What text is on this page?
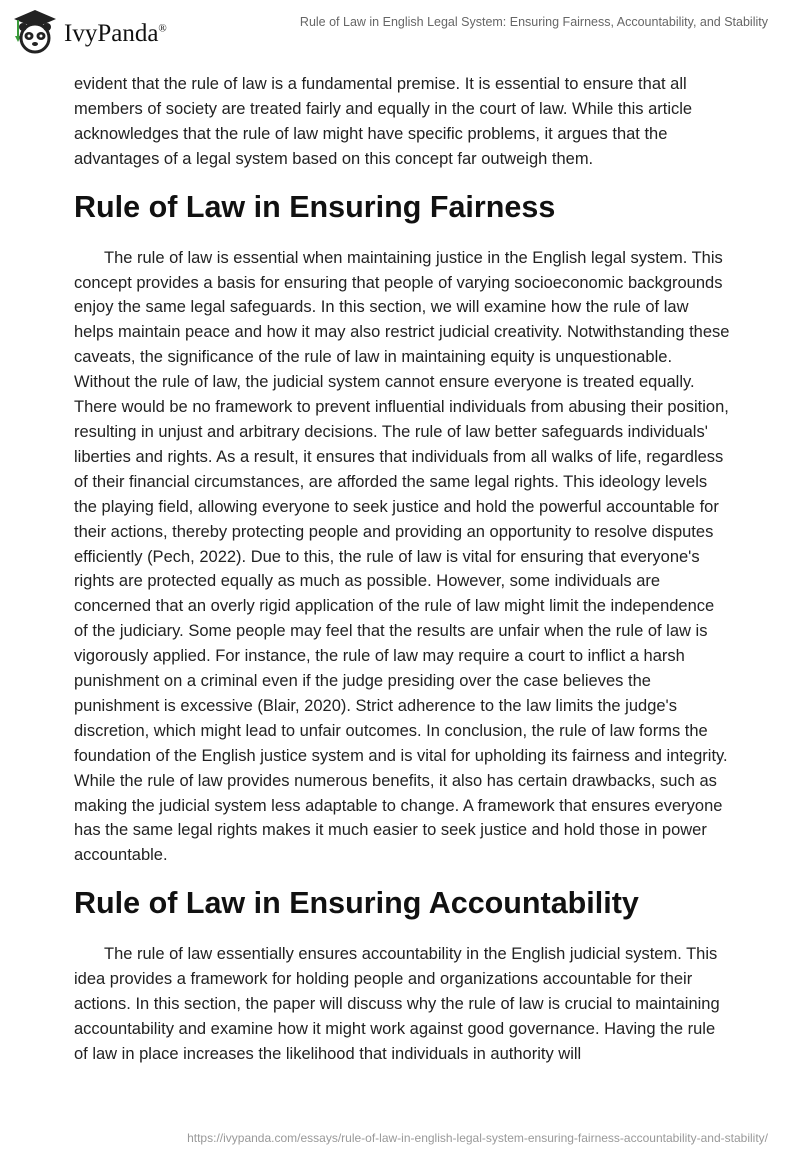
IvyPanda®	Rule of Law in English Legal System: Ensuring Fairness, Accountability, and Stability

evident that the rule of law is a fundamental premise. It is essential to ensure that all members of society are treated fairly and equally in the court of law. While this article acknowledges that the rule of law might have specific problems, it argues that the advantages of a legal system based on this concept far outweigh them.

Rule of Law in Ensuring Fairness

The rule of law is essential when maintaining justice in the English legal system. This concept provides a basis for ensuring that people of varying socioeconomic backgrounds enjoy the same legal safeguards. In this section, we will examine how the rule of law helps maintain peace and how it may also restrict judicial creativity. Notwithstanding these caveats, the significance of the rule of law in maintaining equity is unquestionable. Without the rule of law, the judicial system cannot ensure everyone is treated equally. There would be no framework to prevent influential individuals from abusing their position, resulting in unjust and arbitrary decisions. The rule of law better safeguards individuals' liberties and rights. As a result, it ensures that individuals from all walks of life, regardless of their financial circumstances, are afforded the same legal rights. This ideology levels the playing field, allowing everyone to seek justice and hold the powerful accountable for their actions, thereby protecting people and providing an opportunity to resolve disputes efficiently (Pech, 2022). Due to this, the rule of law is vital for ensuring that everyone's rights are protected equally as much as possible. However, some individuals are concerned that an overly rigid application of the rule of law might limit the independence of the judiciary. Some people may feel that the results are unfair when the rule of law is vigorously applied. For instance, the rule of law may require a court to inflict a harsh punishment on a criminal even if the judge presiding over the case believes the punishment is excessive (Blair, 2020). Strict adherence to the law limits the judge's discretion, which might lead to unfair outcomes. In conclusion, the rule of law forms the foundation of the English justice system and is vital for upholding its fairness and integrity. While the rule of law provides numerous benefits, it also has certain drawbacks, such as making the judicial system less adaptable to change. A framework that ensures everyone has the same legal rights makes it much easier to seek justice and hold those in power accountable.

Rule of Law in Ensuring Accountability

The rule of law essentially ensures accountability in the English judicial system. This idea provides a framework for holding people and organizations accountable for their actions. In this section, the paper will discuss why the rule of law is crucial to maintaining accountability and examine how it might work against good governance. Having the rule of law in place increases the likelihood that individuals in authority will

https://ivypanda.com/essays/rule-of-law-in-english-legal-system-ensuring-fairness-accountability-and-stability/
